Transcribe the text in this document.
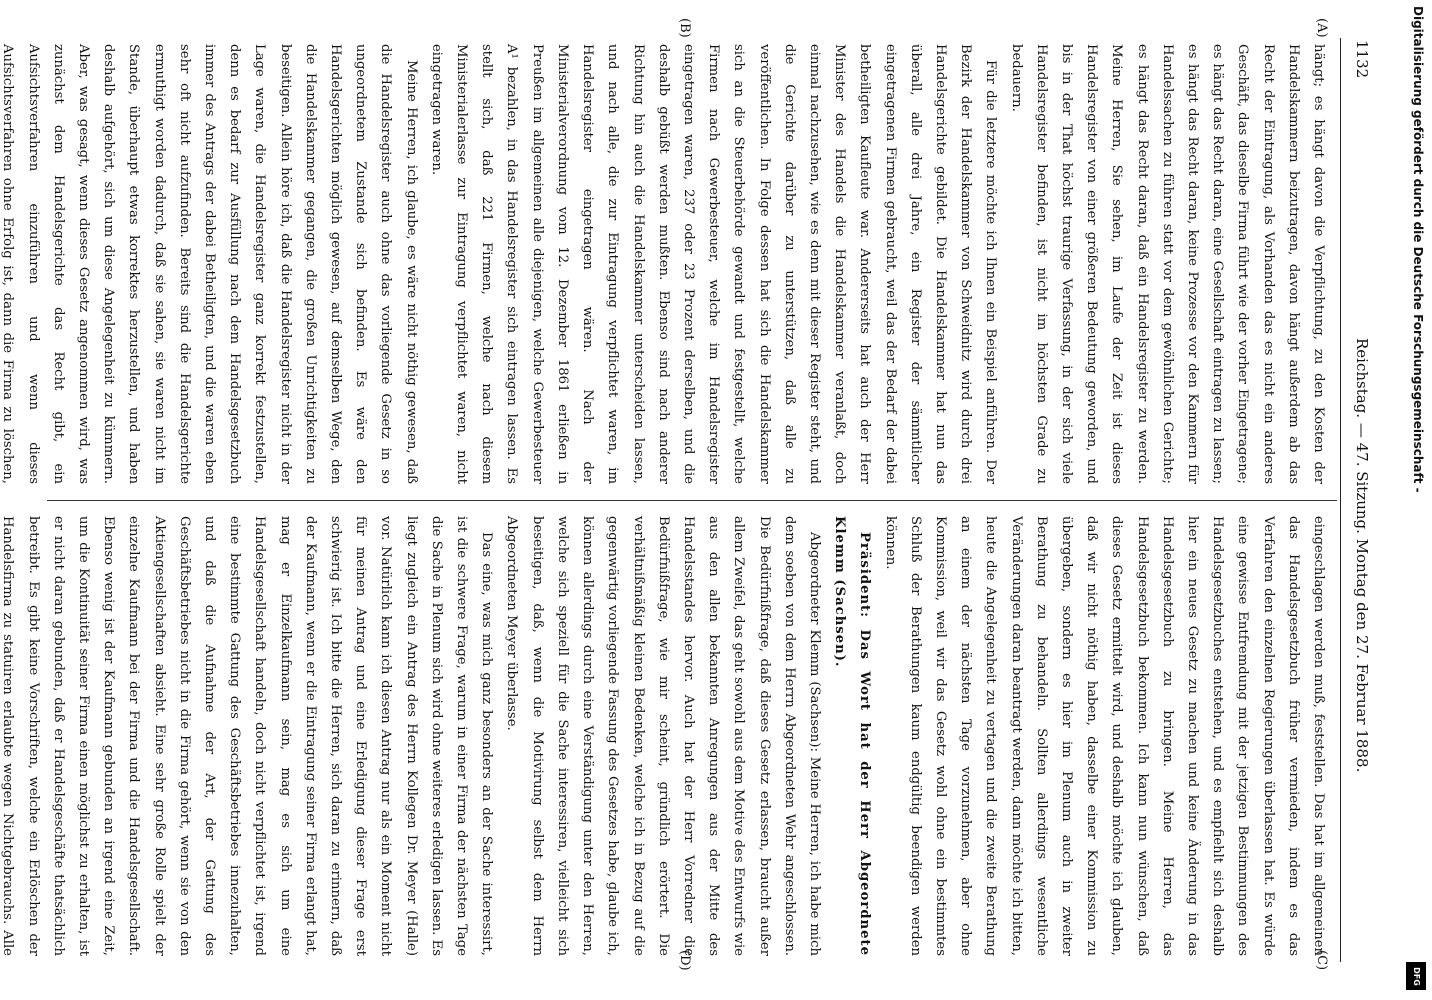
1132
Reichstag. — 47. Sitzung. Montag den 27. Februar 1888.
(A)
(B)
(C)
(D)

hängt; es hängt davon die Verpflichtung, zu den Kosten der Handelskammern beizutragen, davon hängt außerdem ab das Recht der Eintragung, als Vorhanden das es nicht ein anderes Geschäft, das dieselbe Firma führt wie der vorher Eingetragene; es hängt das Recht daran, eine Gesellschaft eintragen zu lassen; es hängt das Recht daran, keine Prozesse vor den Kammern für Handelssachen zu führen statt vor dem gewöhnlichen Gerichte; es hängt das Recht daran, daß ein Handelsregister zu werden. Meine Herren, Sie sehen, im Laufe der Zeit ist dieses Handelsregister von einer größeren Bedeutung geworden, und bis in der That höchst traurige Verfassung, in der sich viele Handelsregister befinden, ist nicht im höchsten Grade zu bedauern.

Für die letztere möchte ich Ihnen ein Beispiel anführen. Der Bezirk der Handelskammer von Schweidnitz wird durch drei Handelsgerichte gebildet. Die Handelskammer hat nun das überall, alle drei Jahre, ein Register der sämmtlicher eingetragenen Firmen gebraucht, weil das der Bedarf der dabei betheiligten Kaufleute war. Andererseits hat auch der Herr Minister des Handels die Handelskammer veranlaßt, doch einmal nachzusehen, wie es denn mit dieser Register steht, und die Gerichte darüber zu unterstützen, daß alle zu veröffentlichen. In Folge dessen hat sich die Handelskammer sich an die Steuerbehörde gewandt und festgestellt, welche Firmen nach Gewerbesteuer, welche im Handelsregister eingetragen waren, 237 oder 23 Prozent derselben, und die deshalb gebüßt werden mußten. Ebenso sind nach anderer Richtung hin auch die Handelskammer unterscheiden lassen, und nach alle, die zur Eintragung verpflichtet waren, im Handelsregister eingetragen wären. Nach der Ministerialverordnung vom 12. Dezember 1861 erließen in Preußen im allgemeinen alle diejenigen, welche Gewerbesteuer A¹ bezahlen, in das Handelsregister sich eintragen lassen. Es stellt sich, daß 221 Firmen, welche nach diesem Ministerialerlasse zur Eintragung verpflichtet waren, nicht eingetragen waren.

Meine Herren, ich glaube, es wäre nicht nöthig gewesen, daß die Handelsregister auch ohne das vorliegende Gesetz in so ungeordnetem Zustande sich befinden. Es wäre den Handelsgerichten möglich gewesen, auf demselben Wege, den die Handelskammer gegangen, die großen Unrichtigkeiten zu beseitigen. Allein höre ich, daß die Handelsregister nicht in der Lage waren, die Handelsregister ganz korrekt festzustellen, denn es bedarf zur Ausfüllung nach dem Handelsgesetzbuch immer des Antrags der dabei Betheiligten, und die waren eben sehr oft nicht aufzufinden. Bereits sind die Handelsgerichte ermuthigt worden dadurch, daß sie sahen, sie waren nicht im Stande, überhaupt etwas korrektes herzustellen, und haben deshalb aufgehört, sich um diese Angelegenheit zu kümmern. Aber, was gesagt, wenn dieses Gesetz angenommen wird, was zunächst dem Handelsgerichte das Recht gibt, ein Aufsichtsverfahren einzuführen und wenn dieses Aufsichtsverfahren ohne Erfolg ist, dann die Firma zu löschen,

eingeschlagen werden muß, feststellen. Das hat im allgemeinen das Handelsgesetzbuch früher vermieden, indem es das Verfahren den einzelnen Regierungen überlassen hat. Es würde eine gewisse Entfremdung mit der jetzigen Bestimmungen des Handelsgesetzbuches entstehen, und es empfiehlt sich deshalb hier ein neues Gesetz zu machen und keine Änderung in das Handelsgesetzbuch zu bringen. Meine Herren, das Handelsgesetzbuch bekommen. Ich kann nun wünschen, daß dieses Gesetz ermittelt wird, und deshalb möchte ich glauben, daß wir nicht nöthig haben, dasselbe einer Kommission zu übergeben, sondern es hier im Plenum auch in zweiter Berathung zu behandeln. Sollten allerdings wesentliche Veränderungen daran beantragt werden, dann möchte ich bitten, heute die Angelegenheit zu vertagen und die zweite Berathung an einem der nächsten Tage vorzunehmen, aber ohne Kommission, weil wir das Gesetz wohl ohne ein bestimmtes Schluß der Berathungen kaum endgültig beendigen werden können.

Präsident: Das Wort hat der Herr Abgeordnete Klemm (Sachsen).

Abgeordneter Klemm (Sachsen): Meine Herren, ich habe mich dem soeben von dem Herrn Abgeordneten Wehr angeschlossen. Die Bedürfnißfrage, daß dieses Gesetz erlassen, braucht außer allem Zweifel, das geht sowohl aus dem Motive des Entwurfs wie aus den allen bekannten Anregungen aus der Mitte des Handelsstandes hervor. Auch hat der Herr Vorredner die Bedürfnißfrage, wie mir scheint, gründlich erörtert. Die verhältnißmäßig kleinen Bedenken, welche ich in Bezug auf die gegenwärtig vorliegende Fassung des Gesetzes habe, glaube ich, können allerdings durch eine Verständigung unter den Herren, welche sich speziell für die Sache interessiren, vielleicht sich beseitigen, daß, wenn die Motivirung selbst dem Herrn Abgeordneten Meyer überlasse.

Das eine, was mich ganz besonders an der Sache interessirt, ist die schwere Frage, warum in einer Firma der nächsten Tage die Sache in Plenum sich wird ohne weiteres erledigen lassen. Es liegt zugleich ein Antrag des Herrn Kollegen Dr. Meyer (Halle) vor. Natürlich kann ich diesen Antrag nur als ein Moment nicht für meinen Antrag und eine Erledigung dieser Frage erst schwierig ist. Ich bitte die Herren, sich daran zu erinnern, daß der Kaufmann, wenn er die Eintragung seiner Firma erlangt hat, mag er Einzelkaufmann sein, mag es sich um eine Handelsgesellschaft handeln, doch nicht verpflichtet ist, irgend eine bestimmte Gattung des Geschäftsbetriebes innezuhalten, und daß die Aufnahme der Art, der Gattung des Geschäftsbetriebes nicht in die Firma gehört, wenn sie von den Aktiengesellschaften absieht. Eine sehr große Rolle spielt der einzelne Kaufmann bei der Firma und die Handelsgesellschaft. Ebenso wenig ist der Kaufmann gebunden an irgend eine Zeit, um die Kontinuität seiner Firma einen möglichst zu erhalten, ist er nicht daran gebunden, daß er Handelsgeschäfte thatsächlich betreibt. Es gibt keine Vorschriften, welche ein Erlöschen der Handelsfirma zu statuiren erlaubte wegen Nichtgebrauchs. Alle

Digitalisierung gefördert durch die Deutsche Forschungsgemeinschaft -
DFG
